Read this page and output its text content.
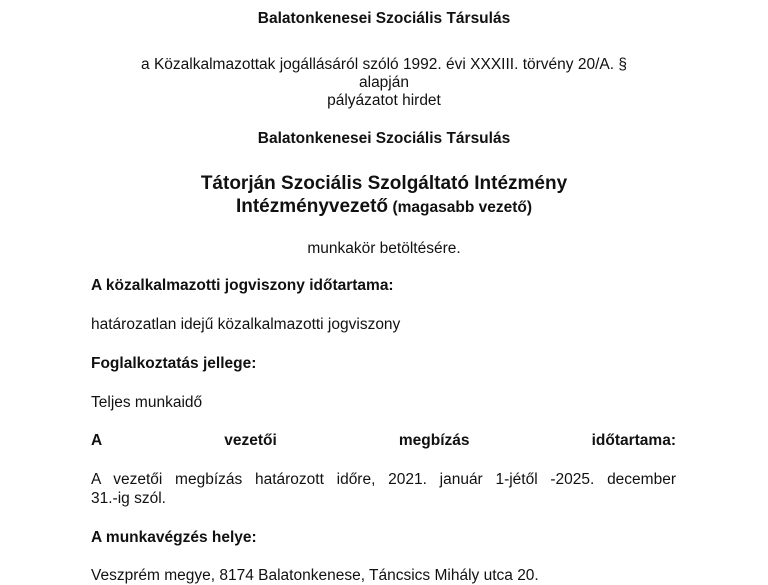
Balatonkenesei Szociális Társulás
a Közalkalmazottak jogállásáról szóló 1992. évi XXXIII. törvény 20/A. §
alapján
pályázatot hirdet
Balatonkenesei Szociális Társulás
Tátorján Szociális Szolgáltató Intézmény
Intézményvezető (magasabb vezető)
munkakör betöltésére.
A közalkalmazotti jogviszony időtartama:
határozatlan idejű közalkalmazotti jogviszony
Foglalkoztatás jellege:
Teljes munkaidő
A	vezetői	megbízás	időtartama:
A vezetői megbízás határozott időre, 2021. január 1-jétől -2025. december
31.-ig szól.
A munkavégzés helye:
Veszprém megye, 8174 Balatonkenese, Táncsics Mihály utca 20.
